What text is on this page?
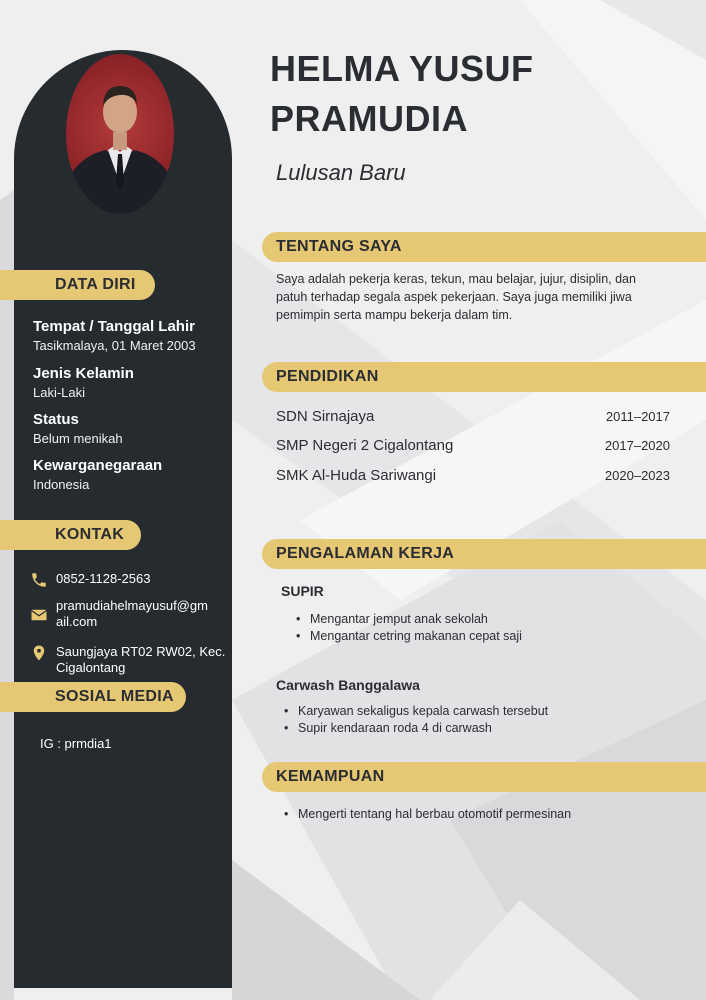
DATA DIRI
Tempat / Tanggal Lahir
Tasikmalaya, 01 Maret 2003
Jenis Kelamin
Laki-Laki
Status
Belum menikah
Kewarganegaraan
Indonesia
KONTAK
0852-1128-2563
pramudiahelmayusuf@gm
ail.com
Saungjaya RT02 RW02, Kec.
Cigalontang
SOSIAL MEDIA
IG : prmdia1
HELMA YUSUF
PRAMUDIA
Lulusan Baru
TENTANG SAYA
Saya adalah pekerja keras, tekun, mau belajar, jujur, disiplin, dan
patuh terhadap segala aspek pekerjaan. Saya juga memiliki jiwa
pemimpin serta mampu bekerja dalam tim.
PENDIDIKAN
SDN Sirnajaya	2011–2017
SMP Negeri 2 Cigalontang	2017–2020
SMK Al-Huda Sariwangi	2020–2023
PENGALAMAN KERJA
SUPIR
• Mengantar jemput anak sekolah
• Mengantar cetring makanan cepat saji
Carwash Banggalawa
• Karyawan sekaligus kepala carwash tersebut
• Supir kendaraan roda 4 di carwash
KEMAMPUAN
• Mengerti tentang hal berbau otomotif permesinan
